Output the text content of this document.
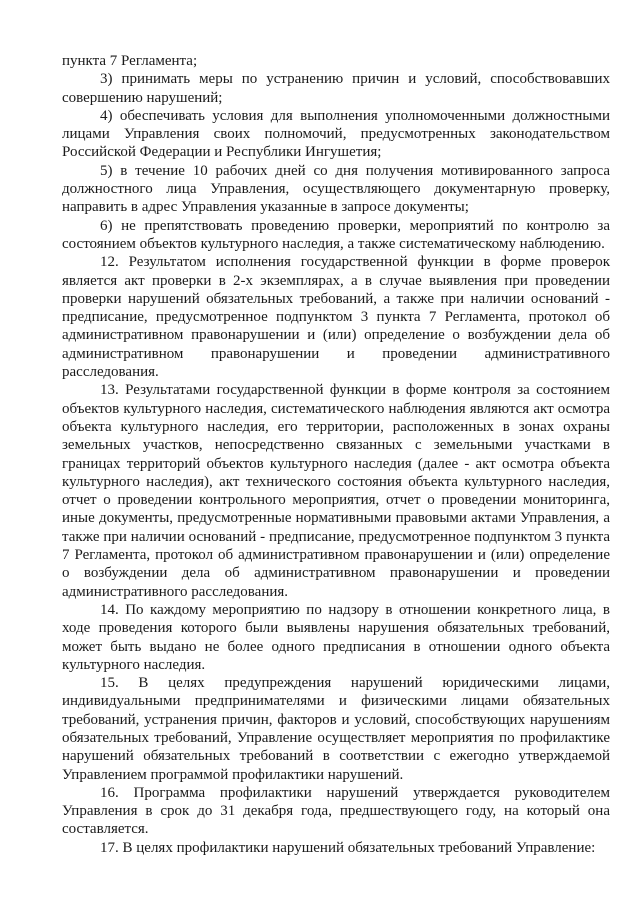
пункта 7 Регламента;

3) принимать меры по устранению причин и условий, способствовавших совершению нарушений;

4) обеспечивать условия для выполнения уполномоченными должностными лицами Управления своих полномочий, предусмотренных законодательством Российской Федерации и Республики Ингушетия;

5) в течение 10 рабочих дней со дня получения мотивированного запроса должностного лица Управления, осуществляющего документарную проверку, направить в адрес Управления указанные в запросе документы;

6) не препятствовать проведению проверки, мероприятий по контролю за состоянием объектов культурного наследия, а также систематическому наблюдению.

12. Результатом исполнения государственной функции в форме проверок является акт проверки в 2-х экземплярах, а в случае выявления при проведении проверки нарушений обязательных требований, а также при наличии оснований - предписание, предусмотренное подпунктом 3 пункта 7 Регламента, протокол об административном правонарушении и (или) определение о возбуждении дела об административном правонарушении и проведении административного расследования.

13. Результатами государственной функции в форме контроля за состоянием объектов культурного наследия, систематического наблюдения являются акт осмотра объекта культурного наследия, его территории, расположенных в зонах охраны земельных участков, непосредственно связанных с земельными участками в границах территорий объектов культурного наследия (далее - акт осмотра объекта культурного наследия), акт технического состояния объекта культурного наследия, отчет о проведении контрольного мероприятия, отчет о проведении мониторинга, иные документы, предусмотренные нормативными правовыми актами Управления, а также при наличии оснований - предписание, предусмотренное подпунктом 3 пункта 7 Регламента, протокол об административном правонарушении и (или) определение о возбуждении дела об административном правонарушении и проведении административного расследования.

14. По каждому мероприятию по надзору в отношении конкретного лица, в ходе проведения которого были выявлены нарушения обязательных требований, может быть выдано не более одного предписания в отношении одного объекта культурного наследия.

15. В целях предупреждения нарушений юридическими лицами, индивидуальными предпринимателями и физическими лицами обязательных требований, устранения причин, факторов и условий, способствующих нарушениям обязательных требований, Управление осуществляет мероприятия по профилактике нарушений обязательных требований в соответствии с ежегодно утверждаемой Управлением программой профилактики нарушений.

16. Программа профилактики нарушений утверждается руководителем Управления в срок до 31 декабря года, предшествующего году, на который она составляется.

17. В целях профилактики нарушений обязательных требований Управление:
